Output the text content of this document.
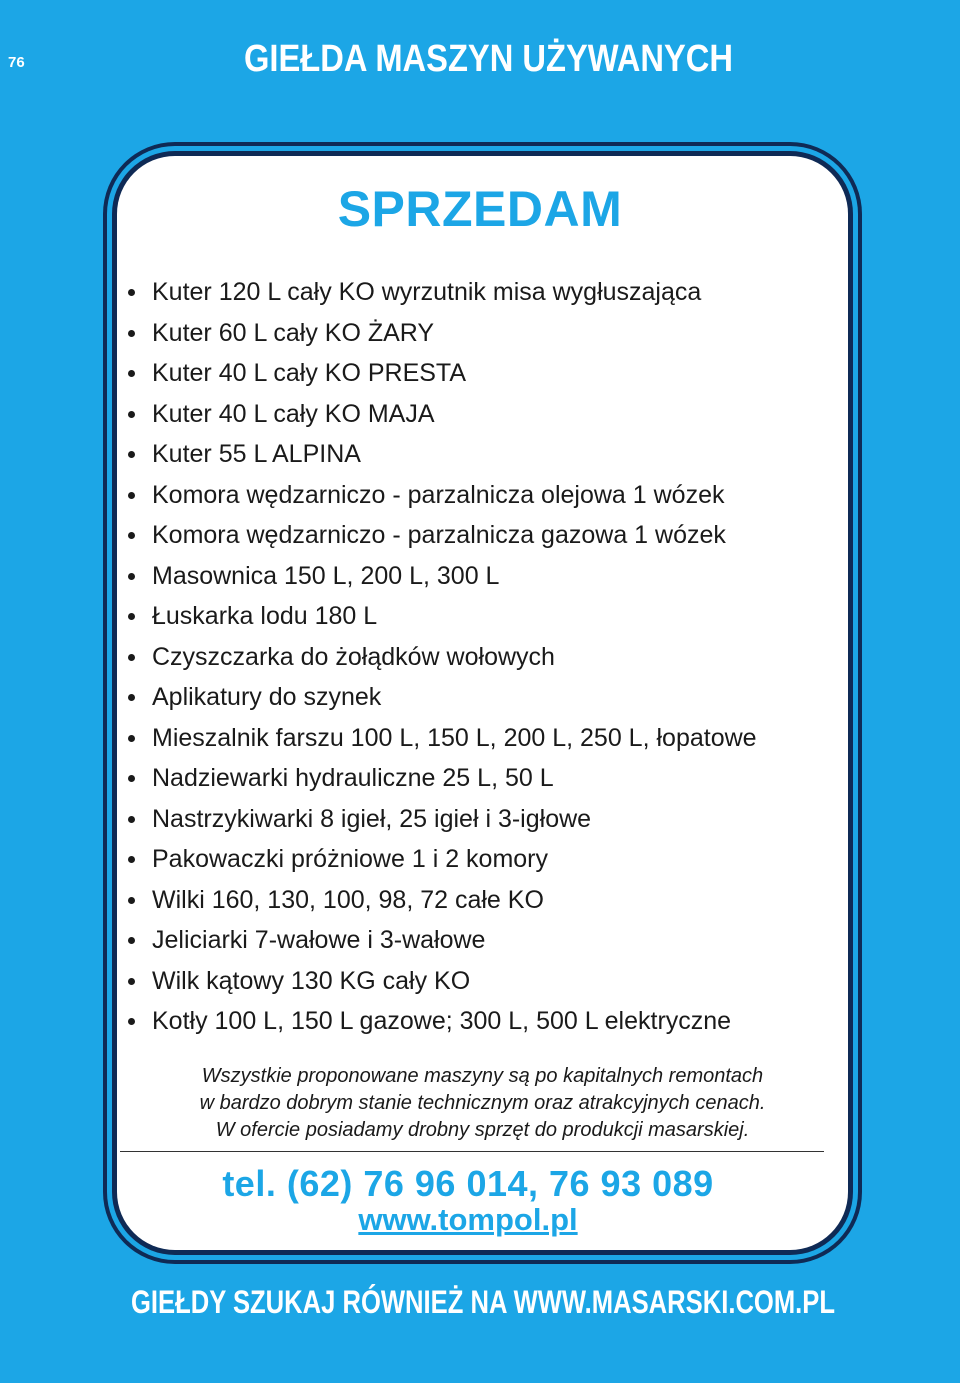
76	GIEŁDA MASZYN UŻYWANYCH
SPRZEDAM
Kuter 120 L cały KO wyrzutnik misa wygłuszająca
Kuter 60 L cały KO ŻARY
Kuter 40 L cały KO PRESTA
Kuter 40 L cały KO MAJA
Kuter 55 L ALPINA
Komora wędzarniczo - parzalnicza olejowa 1 wózek
Komora wędzarniczo - parzalnicza gazowa 1 wózek
Masownica 150 L, 200 L, 300 L
Łuskarka lodu 180 L
Czyszczarka do żołądków wołowych
Aplikatury do szynek
Mieszalnik farszu 100 L, 150 L, 200 L, 250 L, łopatowe
Nadziewarki hydrauliczne 25 L, 50 L
Nastrzykiwarki 8 igieł, 25 igieł i 3-igłowe
Pakowaczki próżniowe 1 i 2 komory
Wilki 160, 130, 100, 98, 72 całe KO
Jeliciarki 7-wałowe i 3-wałowe
Wilk kątowy 130 KG cały KO
Kotły 100 L, 150 L gazowe; 300 L, 500 L elektryczne
Wszystkie proponowane maszyny są po kapitalnych remontach
w bardzo dobrym stanie technicznym oraz atrakcyjnych cenach.
W ofercie posiadamy drobny sprzęt do produkcji masarskiej.
tel. (62) 76 96 014, 76 93 089
www.tompol.pl
GIEŁDY SZUKAJ RÓWNIEŻ NA WWW.MASARSKI.COM.PL
